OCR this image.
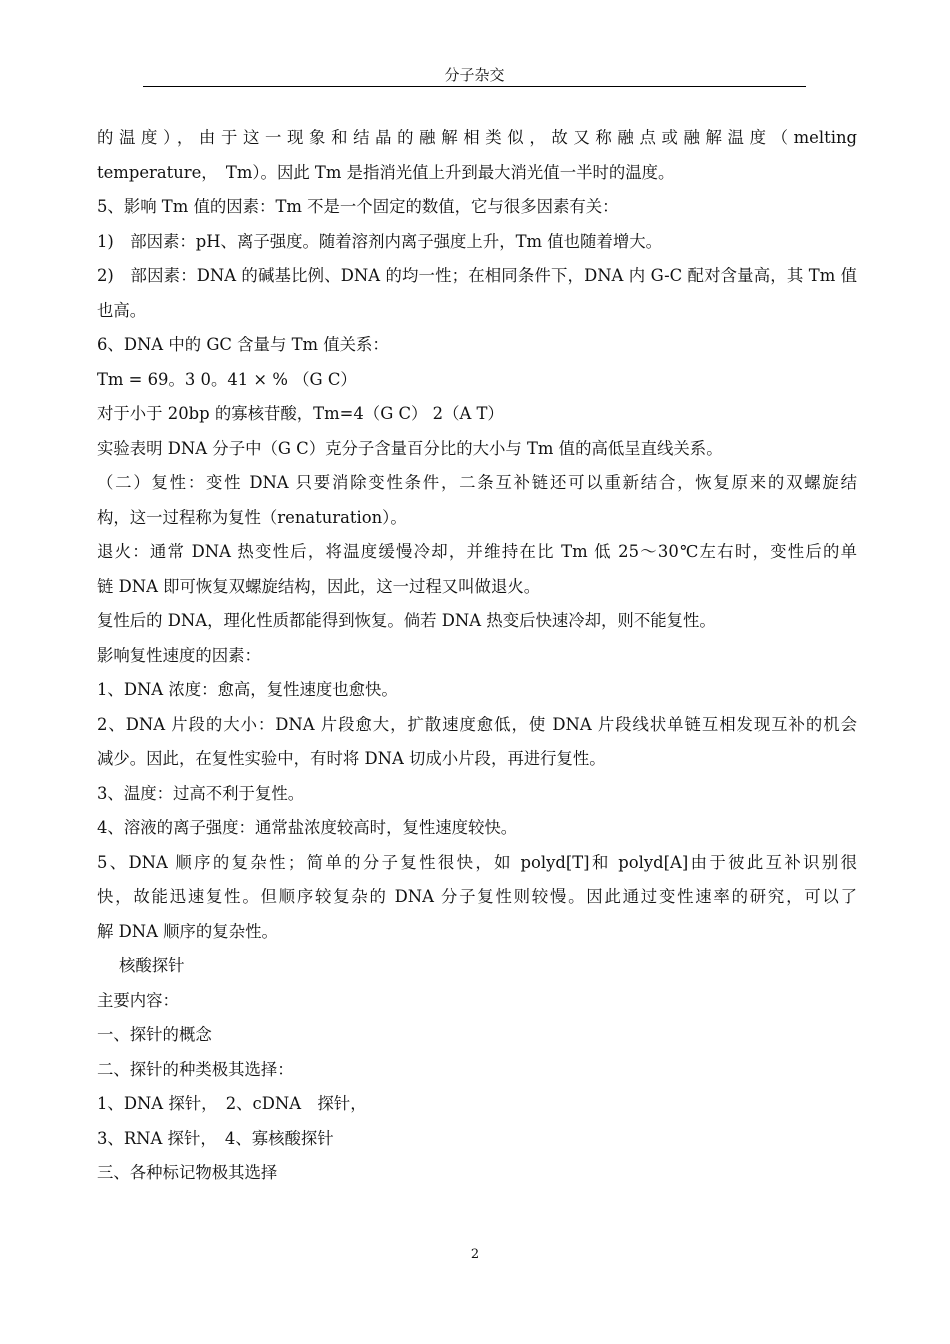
分子杂交
的温度），由于这一现象和结晶的融解相类似，故又称融点或融解温度（melting
temperature，　Tm）。因此 Tm 是指消光值上升到最大消光值一半时的温度。
5、影响 Tm 值的因素：Tm 不是一个固定的数值，它与很多因素有关：
1)　部因素：pH、离子强度。随着溶剂内离子强度上升，Tm 值也随着增大。
2)　部因素：DNA 的碱基比例、DNA 的均一性；在相同条件下，DNA 内 G-C 配对含量高，其 Tm 值
也高。
6、DNA 中的 GC 含量与 Tm 值关系：
Tm = 69。3 0。41 × % （G C）
对于小于 20bp 的寡核苷酸，Tm=4（G C） 2（A T）
实验表明 DNA 分子中（G C）克分子含量百分比的大小与 Tm 值的高低呈直线关系。
（二）复性：变性 DNA 只要消除变性条件，二条互补链还可以重新结合，恢复原来的双螺旋结
构，这一过程称为复性（renaturation）。
退火：通常 DNA 热变性后，将温度缓慢冷却，并维持在比 Tm 低 25～30℃左右时，变性后的单
链 DNA 即可恢复双螺旋结构，因此，这一过程又叫做退火。
复性后的 DNA，理化性质都能得到恢复。倘若 DNA 热变后快速冷却，则不能复性。
影响复性速度的因素：
1、DNA 浓度：愈高，复性速度也愈快。
2、DNA 片段的大小：DNA 片段愈大，扩散速度愈低，使 DNA 片段线状单链互相发现互补的机会
减少。因此，在复性实验中，有时将 DNA 切成小片段，再进行复性。
3、温度：过高不利于复性。
4、溶液的离子强度：通常盐浓度较高时，复性速度较快。
5、DNA 顺序的复杂性；简单的分子复性很快，如 polyd[T]和 polyd[A]由于彼此互补识别很
快，故能迅速复性。但顺序较复杂的 DNA 分子复性则较慢。因此通过变性速率的研究，可以了
解 DNA 顺序的复杂性。
核酸探针
主要内容：
一、探针的概念
二、探针的种类极其选择：
1、DNA 探针，　2、cDNA　探针，
3、RNA 探针，　4、寡核酸探针
三、各种标记物极其选择
2
